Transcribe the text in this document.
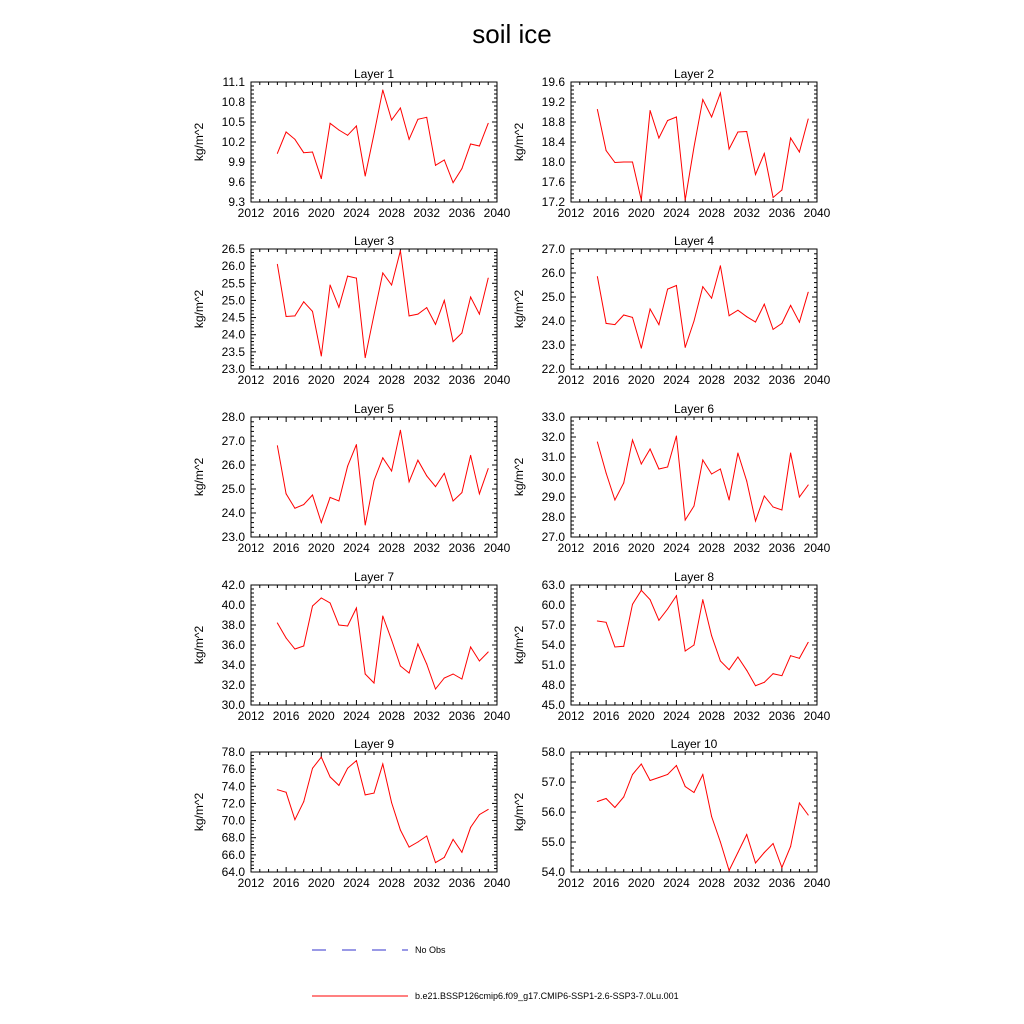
soil ice
Layer 1
2012 2016 2020 2024 2028 2032 2036 2040
9.3
9.6
9.9
10.2
10.5
10.8
11.1
kg/m^2
Layer 2
2012 2016 2020 2024 2028 2032 2036 2040
17.2
17.6
18.0
18.4
18.8
19.2
19.6
kg/m^2
Layer 3
2012 2016 2020 2024 2028 2032 2036 2040
23.0
23.5
24.0
24.5
25.0
25.5
26.0
26.5
kg/m^2
Layer 4
2012 2016 2020 2024 2028 2032 2036 2040
22.0
23.0
24.0
25.0
26.0
27.0
kg/m^2
Layer 5
2012 2016 2020 2024 2028 2032 2036 2040
23.0
24.0
25.0
26.0
27.0
28.0
kg/m^2
Layer 6
2012 2016 2020 2024 2028 2032 2036 2040
27.0
28.0
29.0
30.0
31.0
32.0
33.0
kg/m^2
Layer 7
2012 2016 2020 2024 2028 2032 2036 2040
30.0
32.0
34.0
36.0
38.0
40.0
42.0
kg/m^2
Layer 8
2012 2016 2020 2024 2028 2032 2036 2040
45.0
48.0
51.0
54.0
57.0
60.0
63.0
kg/m^2
Layer 9
2012 2016 2020 2024 2028 2032 2036 2040
64.0
66.0
68.0
70.0
72.0
74.0
76.0
78.0
kg/m^2
Layer 10
2012 2016 2020 2024 2028 2032 2036 2040
54.0
55.0
56.0
57.0
58.0
kg/m^2
No Obs
b.e21.BSSP126cmip6.f09_g17.CMIP6-SSP1-2.6-SSP3-7.0Lu.001
